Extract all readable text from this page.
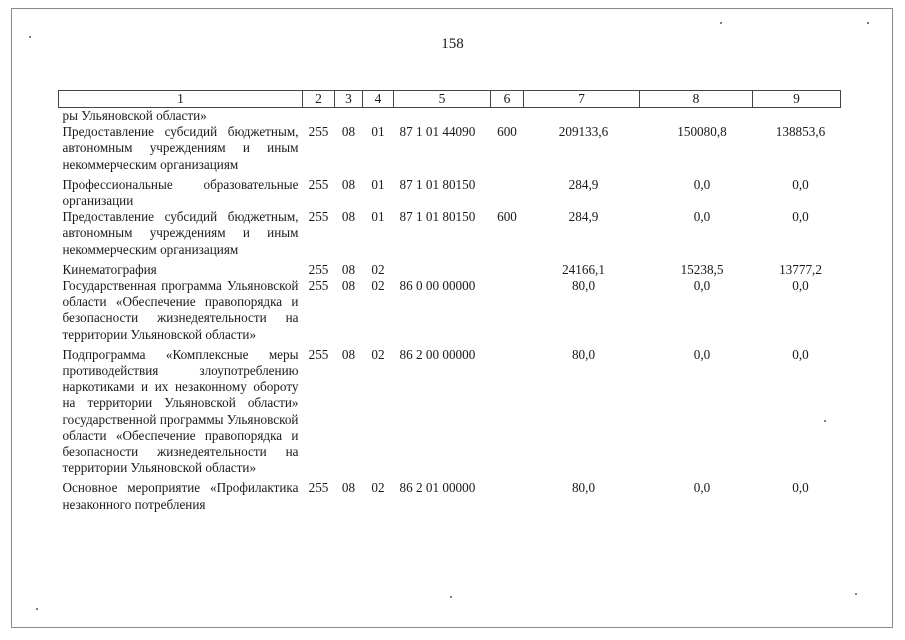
158
1	2	3	4	5	6	7	8	9
ры Ульяновской области»								
Предоставление субсидий бюджетным, автономным учреждениям и иным некоммерческим организациям	255	08	01	87 1 01 44090	600	209133,6	150080,8	138853,6
Профессиональные образовательные организации	255	08	01	87 1 01 80150		284,9	0,0	0,0
Предоставление субсидий бюджетным, автономным учреждениям и иным некоммерческим организациям	255	08	01	87 1 01 80150	600	284,9	0,0	0,0
Кинематография	255	08	02			24166,1	15238,5	13777,2
Государственная программа Ульяновской области «Обеспечение правопорядка и безопасности жизнедеятельности на территории Ульяновской области»	255	08	02	86 0 00 00000		80,0	0,0	0,0
Подпрограмма «Комплексные меры противодействия злоупотреблению наркотиками и их незаконному обороту на территории Ульяновской области» государственной программы Ульяновской области «Обеспечение правопорядка и безопасности жизнедеятельности на территории Ульяновской области»	255	08	02	86 2 00 00000		80,0	0,0	0,0
Основное мероприятие «Профилактика незаконного потребления	255	08	02	86 2 01 00000		80,0	0,0	0,0
